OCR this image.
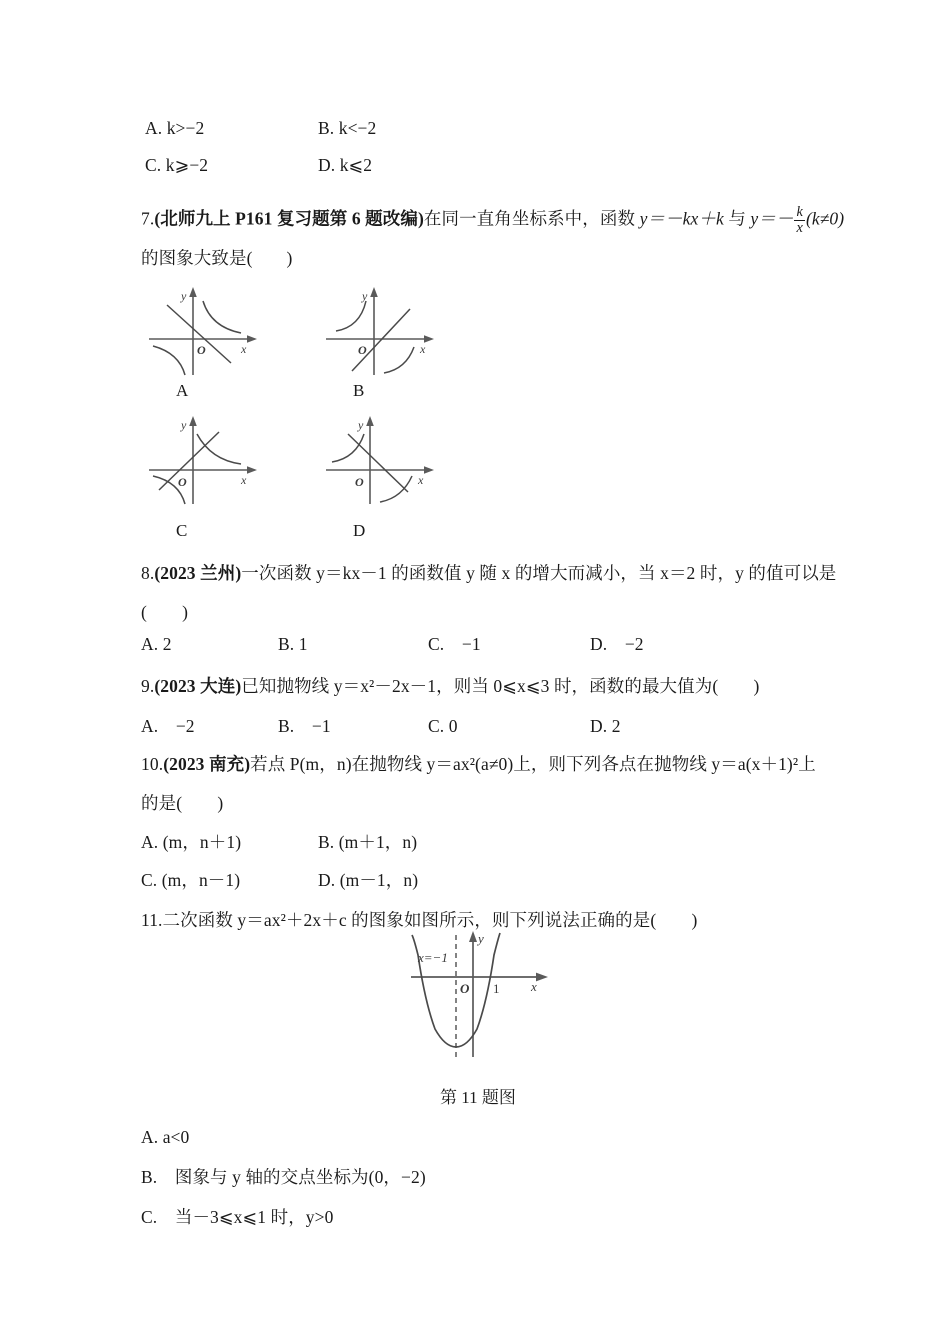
A. k>−2	B. k<−2
C. k⩾−2	D. k⩽2
7.(北师九上 P161 复习题第 6 题改编)在同一直角坐标系中，函数 y＝－kx＋k 与 $y=- \frac{k}{x} (k\ne 0)$
的图象大致是( )
y
x
O
A
y
x
O
B
y
x
O
C
y
x
O
D
8.(2023 兰州)一次函数 y＝kx－1 的函数值 y 随 x 的增大而减小，当 x＝2 时，y 的值可以是
(　　)
A. 2	B. 1	C.　−1	D.　−2
9.(2023 大连)已知抛物线 y＝x²－2x－1，则当 0⩽x⩽3 时，函数的最大值为(　　)
A.　−2	B.　−1	C. 0	D. 2
10.(2023 南充)若点 P(m，n)在抛物线 y＝ax²(a≠0)上，则下列各点在抛物线 y＝a(x＋1)²上
的是(　　)
A. (m，n＋1)	B. (m＋1，n)
C. (m，n－1)	D. (m－1，n)
11.二次函数 y＝ax²＋2x＋c 的图象如图所示，则下列说法正确的是(　　)
x=−1
y
x
O 1
第 11 题图
A. a<0
B.　图象与 y 轴的交点坐标为(0，−2)
C.　当－3⩽x⩽1 时，y>0
